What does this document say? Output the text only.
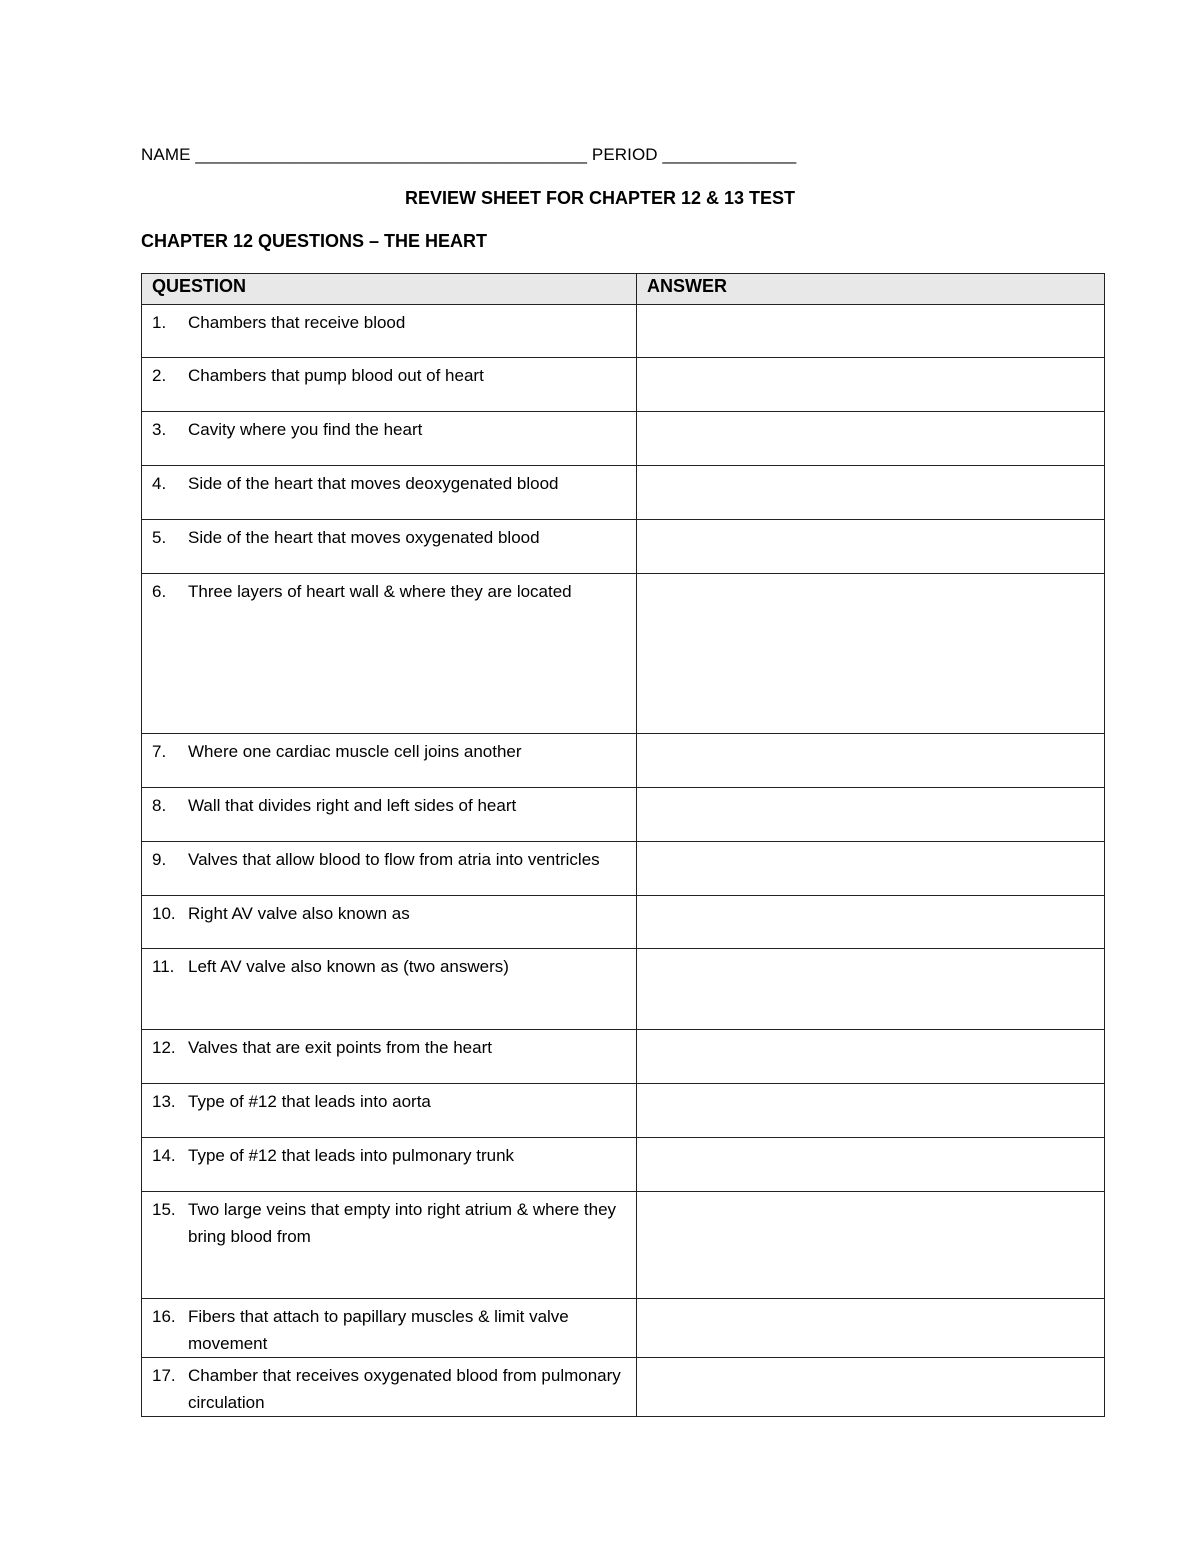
NAME _________________________________________ PERIOD ______________
REVIEW SHEET FOR CHAPTER 12 & 13 TEST
CHAPTER 12 QUESTIONS – THE HEART
QUESTION	ANSWER

1. Chambers that receive blood	

2. Chambers that pump blood out of heart	

3. Cavity where you find the heart	

4. Side of the heart that moves deoxygenated blood	

5. Side of the heart that moves oxygenated blood	

6. Three layers of heart wall & where they are located	

7. Where one cardiac muscle cell joins another	

8. Wall that divides right and left sides of heart	

9. Valves that allow blood to flow from atria into ventricles	

10. Right AV valve also known as	

11. Left AV valve also known as (two answers)	

12. Valves that are exit points from the heart	

13. Type of #12 that leads into aorta	

14. Type of #12 that leads into pulmonary trunk	

15. Two large veins that empty into right atrium & where they bring blood from	

16. Fibers that attach to papillary muscles & limit valve movement	

17. Chamber that receives oxygenated blood from pulmonary circulation	
